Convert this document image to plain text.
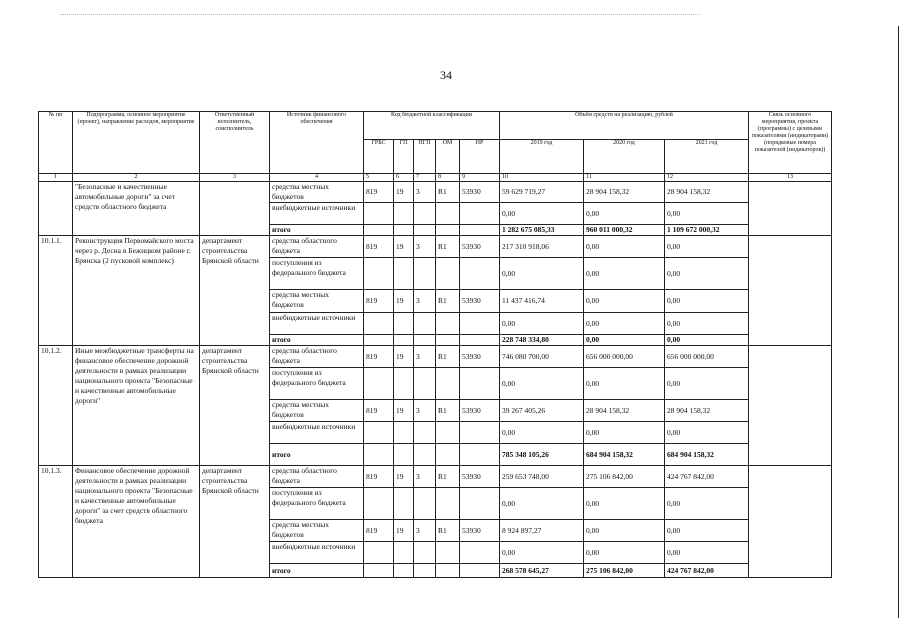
34
№ пп	Подпрограмма, основное мероприятие (проект), направление расходов, мероприятие	Ответственный исполнитель, соисполнитель	Источник финансового обеспечения	Код бюджетной классификации					Объём средств на реализацию, рублей			Связь основного мероприятия, проекта (программы) с целевыми показателями (индикаторами) (порядковые номера показателей (индикаторов))
				ГРБС	ГП	ПГП	ОМ	НР	2019 год	2020 год	2021 год	
1	2	3	4	5	6	7	8	9	10	11	12	13
	"Безопасные и качественные автомобильные дороги" за счет средств областного бюджета		средства местных бюджетов	819	19	3	R1	53930	59 629 719,27	28 904 158,32	28 904 158,32	
			внебюджетные источники						0,00	0,00	0,00	
			итого						1 282 675 085,33	960 011 000,32	1 109 672 000,32	
10.1.1.	Реконструкция Первомайского моста через р. Десна в Бежицком районе г. Брянска (2 пусковой комплекс)	департамент строительства Брянской области	средства областного бюджета	819	19	3	R1	53930	217 310 918,06	0,00	0,00	
			поступления из федерального бюджета						0,00	0,00	0,00	
			средства местных бюджетов	819	19	3	R1	53930	11 437 416,74	0,00	0,00	
			внебюджетные источники						0,00	0,00	0,00	
			итого						228 748 334,80	0,00	0,00	
10.1.2.	Иные межбюджетные трансферты на финансовое обеспечение дорожной деятельности в рамках реализации национального проекта "Безопасные и качественные автомобильные дороги"	департамент строительства Брянской области	средства областного бюджета	819	19	3	R1	53930	746 080 700,00	656 000 000,00	656 000 000,00	
			поступления из федерального бюджета						0,00	0,00	0,00	
			средства местных бюджетов	819	19	3	R1	53930	39 267 405,26	28 904 158,32	28 904 158,32	
			внебюджетные источники						0,00	0,00	0,00	
			итого						785 348 105,26	684 904 158,32	684 904 158,32	
10.1.3.	Финансовое обеспечение дорожной деятельности в рамках реализации национального проекта "Безопасные и качественные автомобильные дороги" за счет средств областного бюджета	департамент строительства Брянской области	средства областного бюджета	819	19	3	R1	53930	259 653 748,00	275 106 842,00	424 767 842,00	
			поступления из федерального бюджета						0,00	0,00	0,00	
			средства местных бюджетов	819	19	3	R1	53930	8 924 897,27	0,00	0,00	
			внебюджетные источники						0,00	0,00	0,00	
			итого						268 578 645,27	275 106 842,00	424 767 842,00	
